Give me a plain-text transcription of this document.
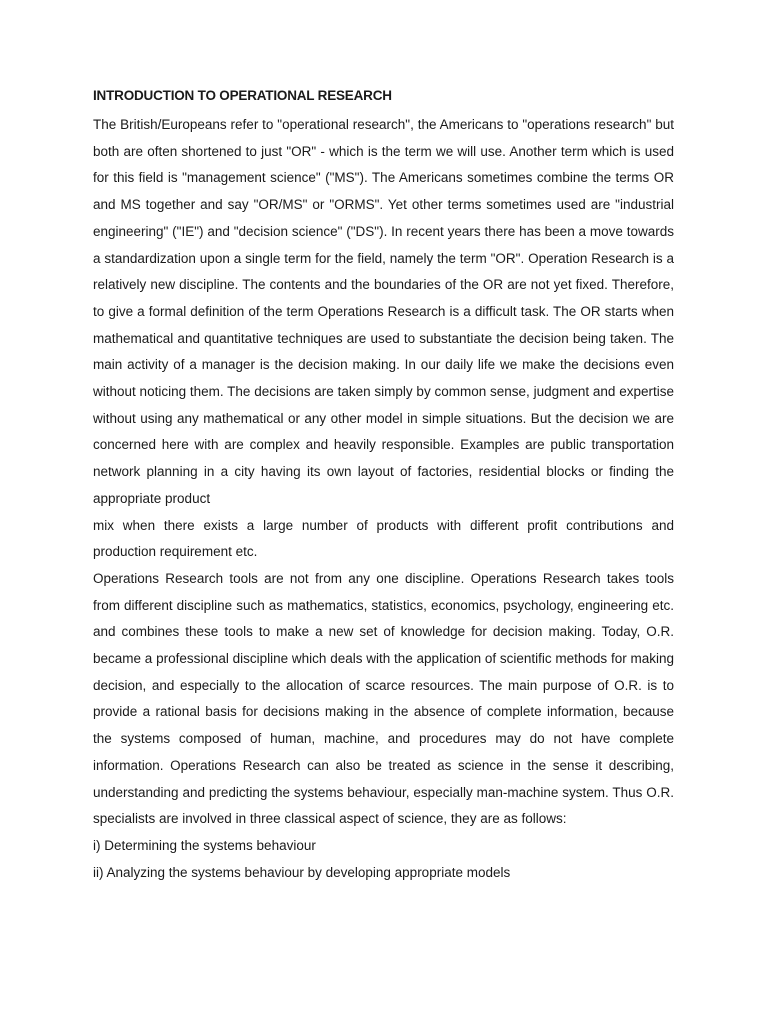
INTRODUCTION TO OPERATIONAL RESEARCH

The British/Europeans refer to "operational research", the Americans to "operations research" but both are often shortened to just "OR" - which is the term we will use. Another term which is used for this field is "management science" ("MS"). The Americans sometimes combine the terms OR and MS together and say "OR/MS" or "ORMS". Yet other terms sometimes used are "industrial engineering" ("IE") and "decision science" ("DS"). In recent years there has been a move towards a standardization upon a single term for the field, namely the term "OR". Operation Research is a relatively new discipline. The contents and the boundaries of the OR are not yet fixed. Therefore, to give a formal definition of the term Operations Research is a difficult task. The OR starts when mathematical and quantitative techniques are used to substantiate the decision being taken. The main activity of a manager is the decision making. In our daily life we make the decisions even without noticing them. The decisions are taken simply by common sense, judgment and expertise without using any mathematical or any other model in simple situations. But the decision we are concerned here with are complex and heavily responsible. Examples are public transportation network planning in a city having its own layout of factories, residential blocks or finding the appropriate product

mix when there exists a large number of products with different profit contributions and production requirement etc.

Operations Research tools are not from any one discipline. Operations Research takes tools from different discipline such as mathematics, statistics, economics, psychology, engineering etc. and combines these tools to make a new set of knowledge for decision making. Today, O.R. became a professional discipline which deals with the application of scientific methods for making decision, and especially to the allocation of scarce resources. The main purpose of O.R. is to provide a rational basis for decisions making in the absence of complete information, because the systems composed of human, machine, and procedures may do not have complete information. Operations Research can also be treated as science in the sense it describing, understanding and predicting the systems behaviour, especially man-machine system. Thus O.R. specialists are involved in three classical aspect of science, they are as follows:

i) Determining the systems behaviour

ii) Analyzing the systems behaviour by developing appropriate models
